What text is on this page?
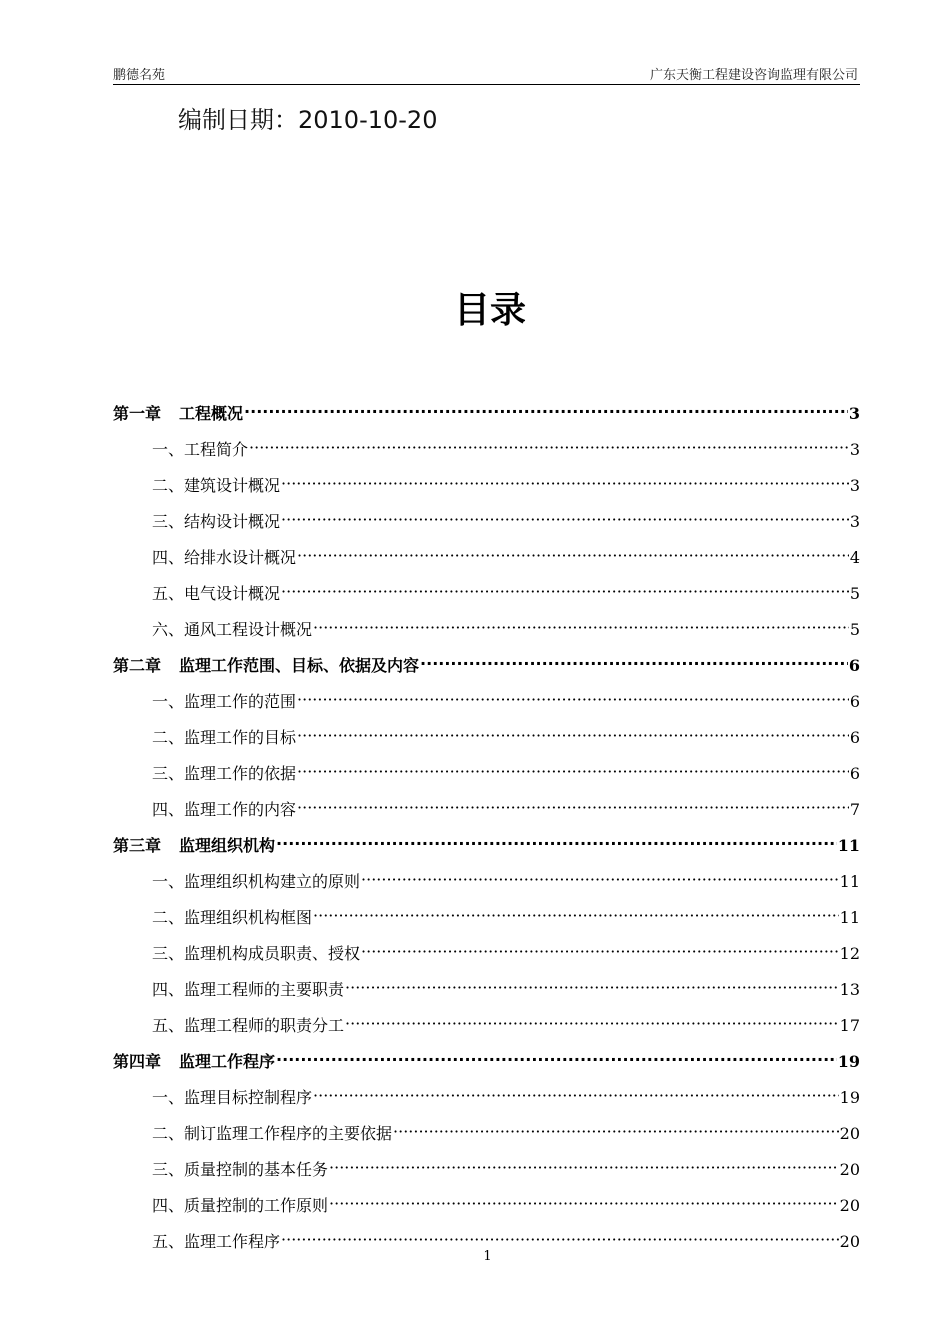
鹏德名苑	广东天衡工程建设咨询监理有限公司
编制日期：2010-10-20
目录
第一章 工程概况 ·····	3
一、工程简介 ·····	3
二、建筑设计概况 ·····	3
三、结构设计概况 ·····	3
四、给排水设计概况 ·····	4
五、电气设计概况 ·····	5
六、通风工程设计概况 ·····	5
第二章 监理工作范围、目标、依据及内容 ·····	6
一、监理工作的范围 ·····	6
二、监理工作的目标 ·····	6
三、监理工作的依据 ·····	6
四、监理工作的内容 ·····	7
第三章 监理组织机构 ·····	11
一、监理组织机构建立的原则 ·····	11
二、监理组织机构框图 ·····	11
三、监理机构成员职责、授权 ·····	12
四、监理工程师的主要职责 ·····	13
五、监理工程师的职责分工 ·····	17
第四章 监理工作程序 ·····	19
一、监理目标控制程序 ·····	19
二、制订监理工作程序的主要依据 ·····	20
三、质量控制的基本任务 ·····	20
四、质量控制的工作原则 ·····	20
五、监理工作程序 ·····	20
1
